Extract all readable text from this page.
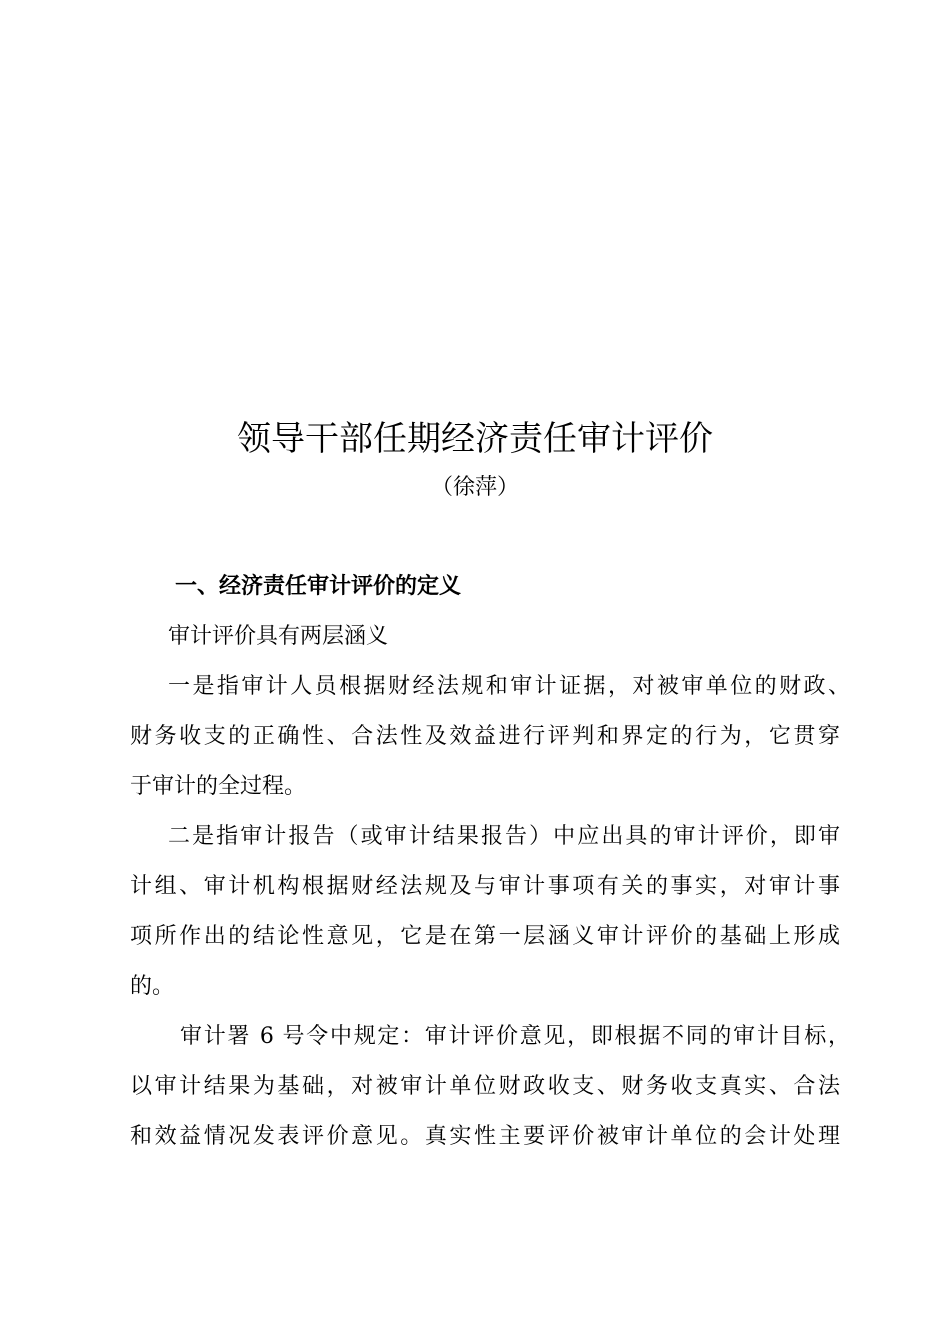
领导干部任期经济责任审计评价
（徐萍）
一、经济责任审计评价的定义
审计评价具有两层涵义
一是指审计人员根据财经法规和审计证据，对被审单位的财政、
财务收支的正确性、合法性及效益进行评判和界定的行为，它贯穿
于审计的全过程。
二是指审计报告（或审计结果报告）中应出具的审计评价，即审
计组、审计机构根据财经法规及与审计事项有关的事实，对审计事
项所作出的结论性意见，它是在第一层涵义审计评价的基础上形成
的。
审计署 6 号令中规定：审计评价意见，即根据不同的审计目标，
以审计结果为基础，对被审计单位财政收支、财务收支真实、合法
和效益情况发表评价意见。真实性主要评价被审计单位的会计处理
